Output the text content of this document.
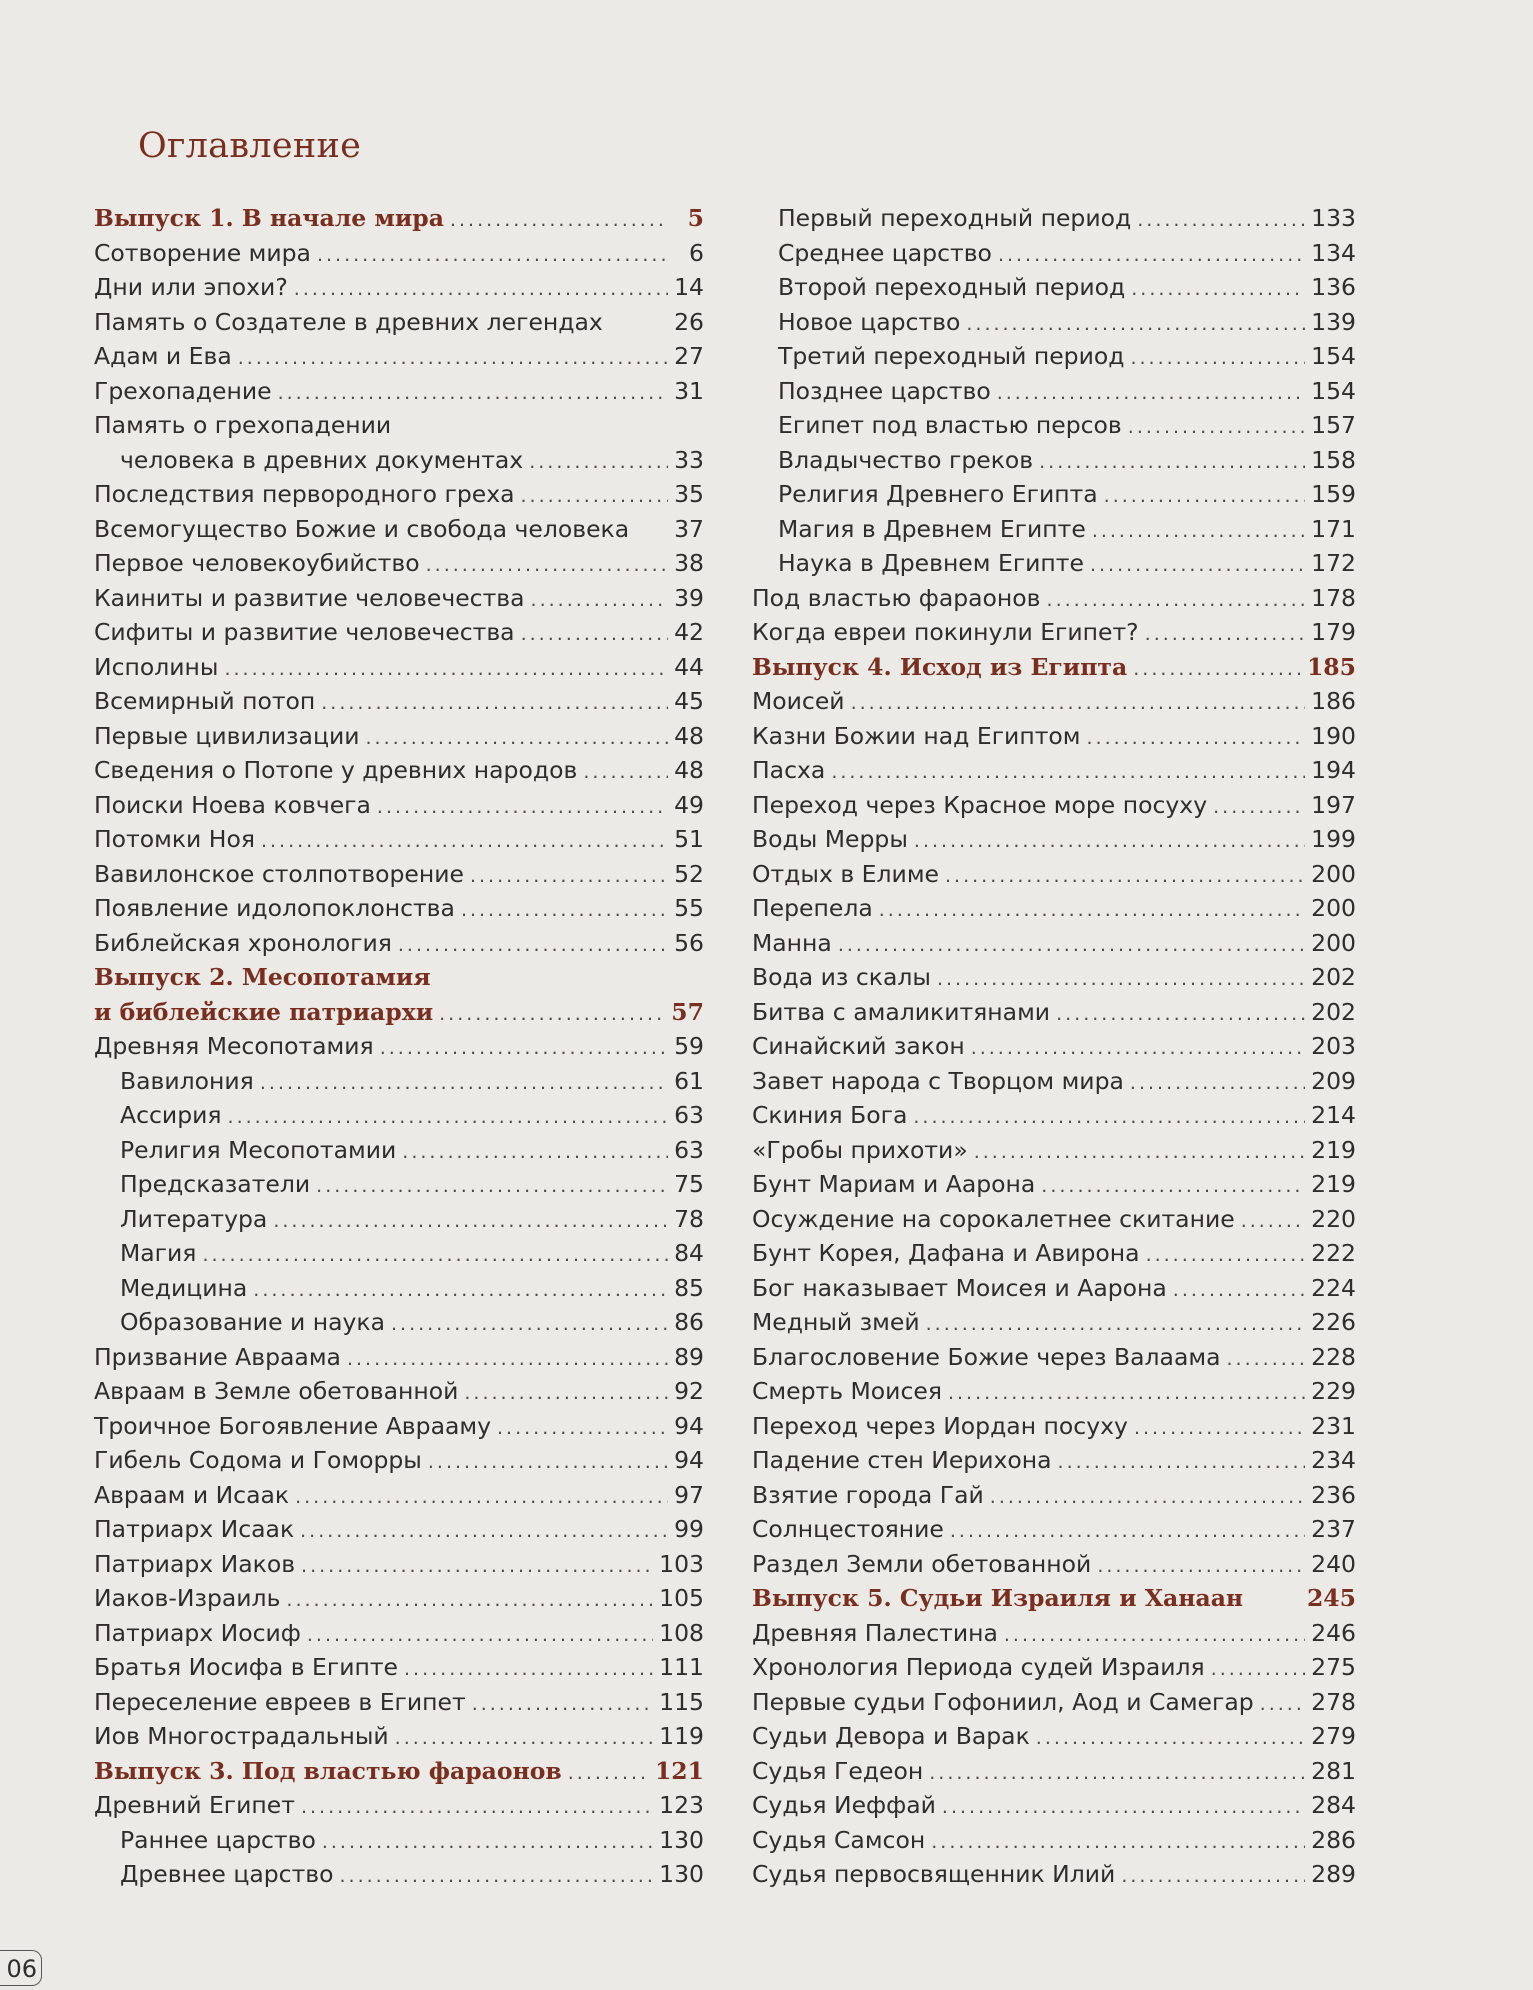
Оглавление
Выпуск 1. В начале мира .....	5
Сотворение мира .....	6
Дни или эпохи? .....	14
Память о Создателе в древних легендах	26
Адам и Ева .....	27
Грехопадение .....	31
Память о грехопадении
человека в древних документах .....	33
Последствия первородного греха .....	35
Всемогущество Божие и свобода человека 37
Первое человекоубийство .....	38
Каиниты и развитие человечества .....	39
Сифиты и развитие человечества .....	42
Исполины .....	44
Всемирный потоп .....	45
Первые цивилизации .....	48
Сведения о Потопе у древних народов .....	48
Поиски Ноева ковчега .....	49
Потомки Ноя .....	51
Вавилонское столпотворение .....	52
Появление идолопоклонства .....	55
Библейская хронология .....	56
Выпуск 2. Месопотамия
и библейские патриархи .....	57
Древняя Месопотамия .....	59
Вавилония .....	61
Ассирия .....	63
Религия Месопотамии .....	63
Предсказатели .....	75
Литература .....	78
Магия .....	84
Медицина .....	85
Образование и наука .....	86
Призвание Авраама .....	89
Авраам в Земле обетованной .....	92
Троичное Богоявление Аврааму .....	94
Гибель Содома и Гоморры .....	94
Авраам и Исаак .....	97
Патриарх Исаак .....	99
Патриарх Иаков .....	103
Иаков-Израиль .....	105
Патриарх Иосиф .....	108
Братья Иосифа в Египте .....	111
Переселение евреев в Египет .....	115
Иов Многострадальный .....	119
Выпуск 3. Под властью фараонов .....	121
Древний Египет .....	123
Раннее царство .....	130
Древнее царство .....	130
Первый переходный период .....	133
Среднее царство .....	134
Второй переходный период .....	136
Новое царство .....	139
Третий переходный период .....	154
Позднее царство .....	154
Египет под властью персов .....	157
Владычество греков .....	158
Религия Древнего Египта .....	159
Магия в Древнем Египте .....	171
Наука в Древнем Египте .....	172
Под властью фараонов .....	178
Когда евреи покинули Египет? .....	179
Выпуск 4. Исход из Египта .....	185
Моисей .....	186
Казни Божии над Египтом .....	190
Пасха .....	194
Переход через Красное море посуху .....	197
Воды Мерры .....	199
Отдых в Елиме .....	200
Перепела .....	200
Манна .....	200
Вода из скалы .....	202
Битва с амаликитянами .....	202
Синайский закон .....	203
Завет народа с Творцом мира .....	209
Скиния Бога .....	214
«Гробы прихоти» .....	219
Бунт Мариам и Аарона .....	219
Осуждение на сорокалетнее скитание .....	220
Бунт Корея, Дафана и Авирона .....	222
Бог наказывает Моисея и Аарона .....	224
Медный змей .....	226
Благословение Божие через Валаама .....	228
Смерть Моисея .....	229
Переход через Иордан посуху .....	231
Падение стен Иерихона .....	234
Взятие города Гай .....	236
Солнцестояние .....	237
Раздел Земли обетованной .....	240
Выпуск 5. Судьи Израиля и Ханаан	245
Древняя Палестина .....	246
Хронология Периода судей Израиля .....	275
Первые судьи Гофониил, Аод и Самегар ..... 278
Судьи Девора и Варак .....	279
Судья Гедеон .....	281
Судья Иеффай .....	284
Судья Самсон .....	286
Судья первосвященник Илий .....	289
06
